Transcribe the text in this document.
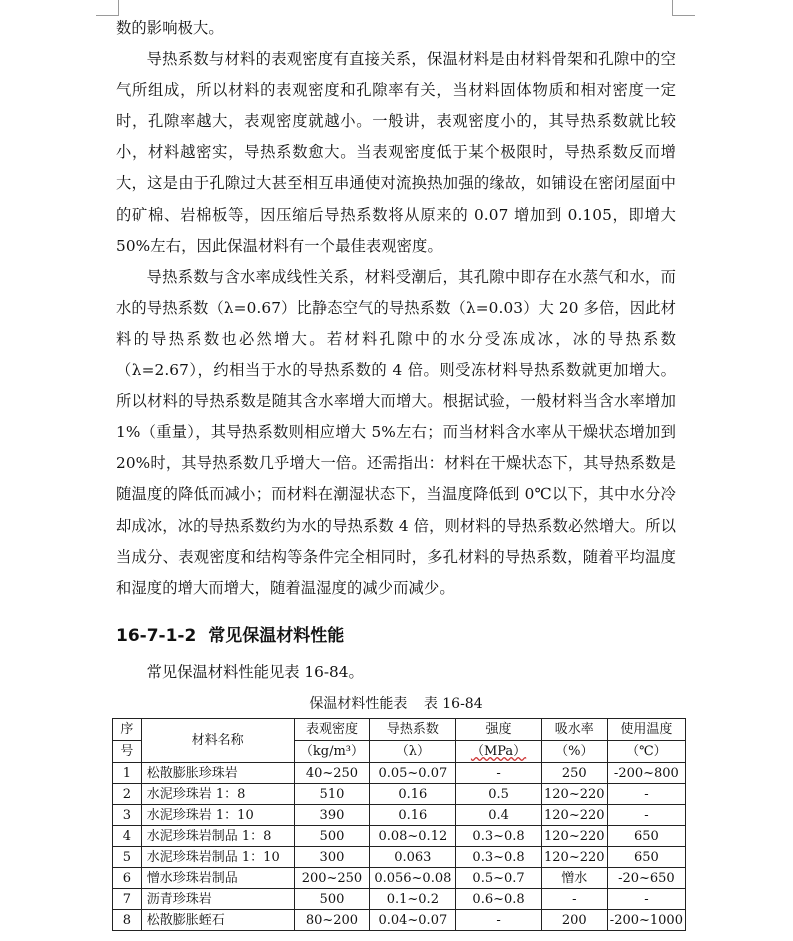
数的影响极大。

导热系数与材料的表观密度有直接关系，保温材料是由材料骨架和孔隙中的空气所组成，所以材料的表观密度和孔隙率有关，当材料固体物质和相对密度一定时，孔隙率越大，表观密度就越小。一般讲，表观密度小的，其导热系数就比较小，材料越密实，导热系数愈大。当表观密度低于某个极限时，导热系数反而增大，这是由于孔隙过大甚至相互串通使对流换热加强的缘故，如铺设在密闭屋面中的矿棉、岩棉板等，因压缩后导热系数将从原来的 0.07 增加到 0.105，即增大 50%左右，因此保温材料有一个最佳表观密度。

导热系数与含水率成线性关系，材料受潮后，其孔隙中即存在水蒸气和水，而水的导热系数（λ=0.67）比静态空气的导热系数（λ=0.03）大 20 多倍，因此材料的导热系数也必然增大。若材料孔隙中的水分受冻成冰，冰的导热系数（λ=2.67），约相当于水的导热系数的 4 倍。则受冻材料导热系数就更加增大。所以材料的导热系数是随其含水率增大而增大。根据试验，一般材料当含水率增加 1%（重量），其导热系数则相应增大 5%左右；而当材料含水率从干燥状态增加到 20%时，其导热系数几乎增大一倍。还需指出：材料在干燥状态下，其导热系数是随温度的降低而减小；而材料在潮湿状态下，当温度降低到 0℃以下，其中水分冷却成冰，冰的导热系数约为水的导热系数 4 倍，则材料的导热系数必然增大。所以当成分、表观密度和结构等条件完全相同时，多孔材料的导热系数，随着平均温度和湿度的增大而增大，随着温湿度的减少而减少。

16-7-1-2 常见保温材料性能

常见保温材料性能见表 16-84。

保温材料性能表 表 16-84
序	材料名称	表观密度	导热系数	强度	吸水率	使用温度
号		（kg/m³）	（λ）	（MPa）	（%）	（℃）
1	松散膨胀珍珠岩	40~250	0.05~0.07	-	250	-200~800
2	水泥珍珠岩 1：8	510	0.16	0.5	120~220	-
3	水泥珍珠岩 1：10	390	0.16	0.4	120~220	-
4	水泥珍珠岩制品 1：8	500	0.08~0.12	0.3~0.8	120~220	650
5	水泥珍珠岩制品 1：10	300	0.063	0.3~0.8	120~220	650
6	憎水珍珠岩制品	200~250	0.056~0.08	0.5~0.7	憎水	-20~650
7	沥青珍珠岩	500	0.1~0.2	0.6~0.8	-	-
8	松散膨胀蛭石	80~200	0.04~0.07	-	200	-200~1000
